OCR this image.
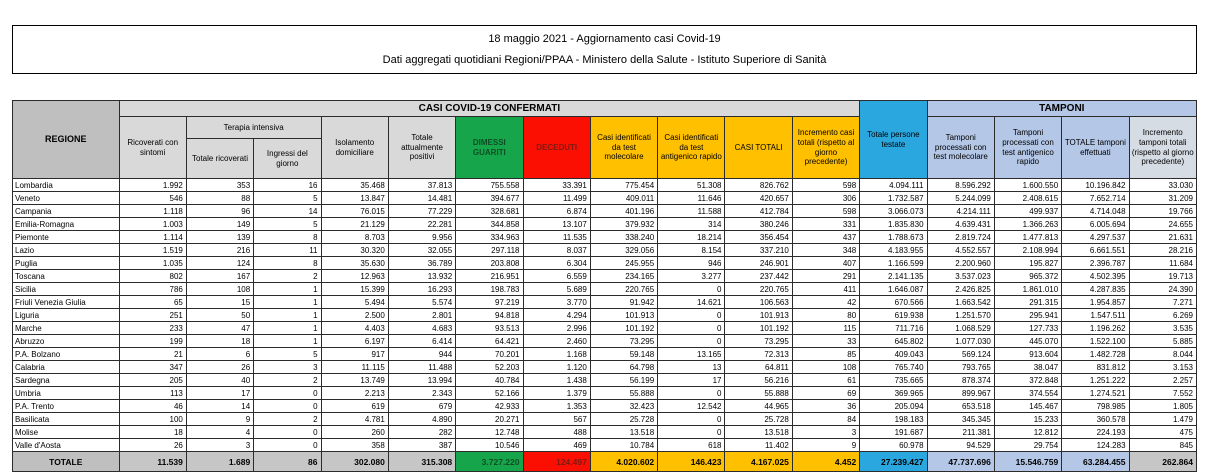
18 maggio 2021 - Aggiornamento casi Covid-19
Dati aggregati quotidiani Regioni/PPAA - Ministero della Salute - Istituto Superiore di Sanità
REGIONE	CASI COVID-19 CONFERMATI											Totale persone testate	TAMPONI			
	Ricoverati con sintomi	Terapia intensiva		Isolamento domiciliare	Totale attualmente positivi	DIMESSI GUARITI	DECEDUTI	Casi identificati da test molecolare	Casi identificati da test antigenico rapido	CASI TOTALI	Incremento casi totali (rispetto al giorno precedente)		Tamponi processati con test molecolare	Tamponi processati con test antigenico rapido	TOTALE tamponi effettuati	Incremento tamponi totali (rispetto al giorno precedente)
		Totale ricoverati	Ingressi del giorno													
Lombardia	1.992	353	16	35.468	37.813	755.558	33.391	775.454	51.308	826.762	598	4.094.111	8.596.292	1.600.550	10.196.842	33.030
Veneto	546	88	5	13.847	14.481	394.677	11.499	409.011	11.646	420.657	306	1.732.587	5.244.099	2.408.615	7.652.714	31.209
Campania	1.118	96	14	76.015	77.229	328.681	6.874	401.196	11.588	412.784	598	3.066.073	4.214.111	499.937	4.714.048	19.766
Emilia-Romagna	1.003	149	5	21.129	22.281	344.858	13.107	379.932	314	380.246	331	1.835.830	4.639.431	1.366.263	6.005.694	24.655
Piemonte	1.114	139	8	8.703	9.956	334.963	11.535	338.240	18.214	356.454	437	1.788.673	2.819.724	1.477.813	4.297.537	21.631
Lazio	1.519	216	11	30.320	32.055	297.118	8.037	329.056	8.154	337.210	348	4.183.955	4.552.557	2.108.994	6.661.551	28.216
Puglia	1.035	124	8	35.630	36.789	203.808	6.304	245.955	946	246.901	407	1.166.599	2.200.960	195.827	2.396.787	11.684
Toscana	802	167	2	12.963	13.932	216.951	6.559	234.165	3.277	237.442	291	2.141.135	3.537.023	965.372	4.502.395	19.713
Sicilia	786	108	1	15.399	16.293	198.783	5.689	220.765	0	220.765	411	1.646.087	2.426.825	1.861.010	4.287.835	24.390
Friuli Venezia Giulia	65	15	1	5.494	5.574	97.219	3.770	91.942	14.621	106.563	42	670.566	1.663.542	291.315	1.954.857	7.271
Liguria	251	50	1	2.500	2.801	94.818	4.294	101.913	0	101.913	80	619.938	1.251.570	295.941	1.547.511	6.269
Marche	233	47	1	4.403	4.683	93.513	2.996	101.192	0	101.192	115	711.716	1.068.529	127.733	1.196.262	3.535
Abruzzo	199	18	1	6.197	6.414	64.421	2.460	73.295	0	73.295	33	645.802	1.077.030	445.070	1.522.100	5.885
P.A. Bolzano	21	6	5	917	944	70.201	1.168	59.148	13.165	72.313	85	409.043	569.124	913.604	1.482.728	8.044
Calabria	347	26	3	11.115	11.488	52.203	1.120	64.798	13	64.811	108	765.740	793.765	38.047	831.812	3.153
Sardegna	205	40	2	13.749	13.994	40.784	1.438	56.199	17	56.216	61	735.665	878.374	372.848	1.251.222	2.257
Umbria	113	17	0	2.213	2.343	52.166	1.379	55.888	0	55.888	69	369.965	899.967	374.554	1.274.521	7.552
P.A. Trento	46	14	0	619	679	42.933	1.353	32.423	12.542	44.965	36	205.094	653.518	145.467	798.985	1.805
Basilicata	100	9	2	4.781	4.890	20.271	567	25.728	0	25.728	84	198.183	345.345	15.233	360.578	1.479
Molise	18	4	0	260	282	12.748	488	13.518	0	13.518	3	191.687	211.381	12.812	224.193	475
Valle d'Aosta	26	3	0	358	387	10.546	469	10.784	618	11.402	9	60.978	94.529	29.754	124.283	845
TOTALE	11.539	1.689	86	302.080	315.308	3.727.220	124.497	4.020.602	146.423	4.167.025	4.452	27.239.427	47.737.696	15.546.759	63.284.455	262.864
